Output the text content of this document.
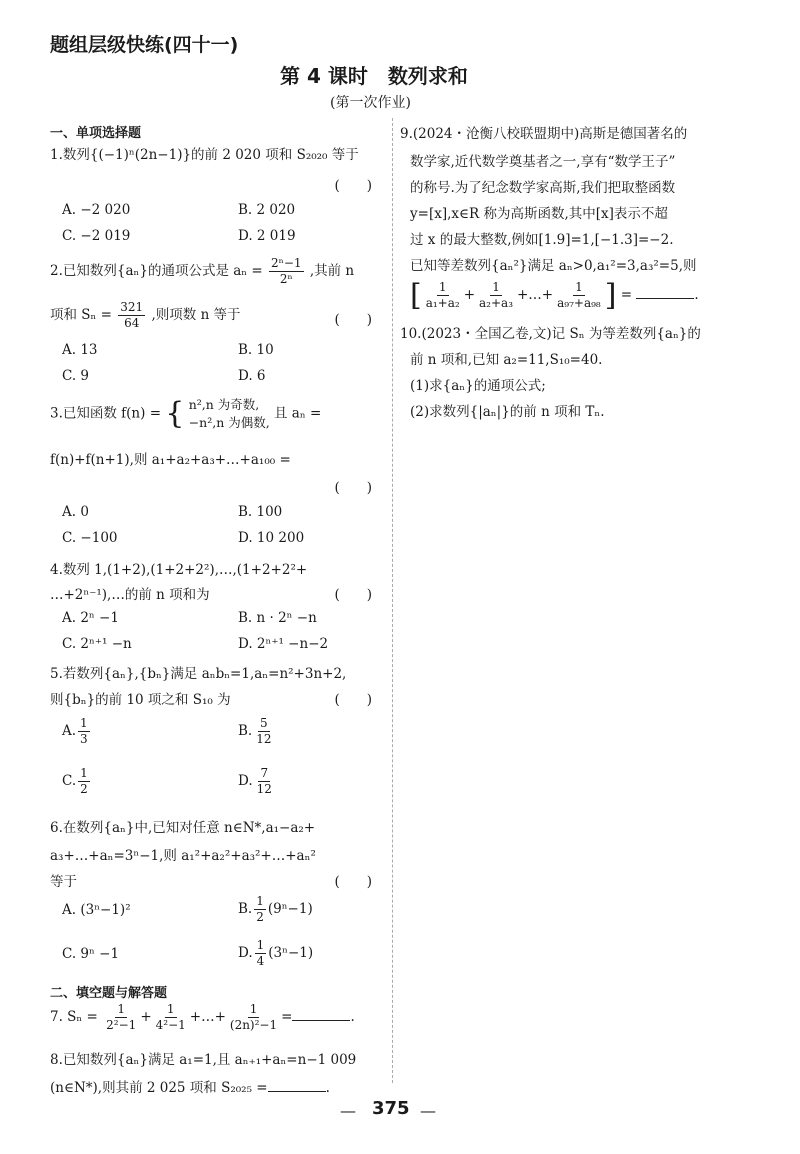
题组层级快练(四十一)
第 4 课时　数列求和
(第一次作业)
一、单项选择题
1.数列{(−1)ⁿ(2n−1)}的前 2 020 项和 S₂₀₂₀ 等于
(　　)
A. −2 020	B. 2 020
C. −2 019	D. 2 019
2.已知数列{aₙ}的通项公式是 $a_n = \frac{\text{2ⁿ−1}}{\text{2ⁿ}}$ ,其前 n
项和 $S_n = \frac{321}{64}$ ,则项数 n 等于	(　　)
A. 13	B. 10
C. 9	D. 6
3.已知函数 f(n) = { n²,n 为奇数,
−n²,n 为偶数,
且 aₙ =
f(n)+f(n+1),则 a₁+a₂+a₃+…+a₁₀₀ =
(　　)
A. 0	B. 100
C. −100	D. 10 200
4.数列 1,(1+2),(1+2+2²),…,(1+2+2²+
…+2ⁿ⁻¹),…的前 n 项和为	(　　)
A. 2ⁿ −1	B. n · 2ⁿ −n
C. 2ⁿ⁺¹ −n	D. 2ⁿ⁺¹ −n−2
5.若数列{aₙ},{bₙ}满足 aₙbₙ=1,aₙ=n²+3n+2,
则{bₙ}的前 10 项之和 S₁₀ 为	(　　)
A. $\frac{1}{3}$	B. $\frac{5}{12}$
C. $\frac{1}{2}$	D. $\frac{7}{12}$
6.在数列{aₙ}中,已知对任意 n∈N*,a₁−a₂+
a₃+…+aₙ=3ⁿ−1,则 a₁²+a₂²+a₃²+…+aₙ²
等于	(　　)
A. (3ⁿ−1)²	B. $\frac{1}{2} (9^n-1)$
C. 9ⁿ −1	D. $\frac{1}{4} (3^n-1)$
二、填空题与解答题
7. $S_n = \frac{1}{\text{2²−1}} + \frac{1}{\text{4²−1}}$ +…+ $\frac{1}{\text{(2n)²−1}}$ =	.
8.已知数列{aₙ}满足 a₁=1,且 aₙ₊₁+aₙ=n−1 009
(n∈N*),则其前 2 025 项和 S₂₀₂₅ =	.
9.(2024・沧衡八校联盟期中)高斯是德国著名的
数学家,近代数学奠基者之一,享有“数学王子”
的称号.为了纪念数学家高斯,我们把取整函数
y=[x],x∈R 称为高斯函数,其中[x]表示不超
过 x 的最大整数,例如[1.9]=1,[−1.3]=−2.
已知等差数列{aₙ²}满足 aₙ>0,a₁²=3,a₃²=5,则
[ $\frac{1}{\text{a₁+a₂}} + \frac{1}{\text{a₂+a₃}}$ +…+ $\frac{1}{\text{a₉₇+a₉₈}}$ ] =	.
10.(2023・全国乙卷,文)记 Sₙ 为等差数列{aₙ}的
前 n 项和,已知 a₂=11,S₁₀=40.
(1)求{aₙ}的通项公式;
(2)求数列{|aₙ|}的前 n 项和 Tₙ.
— 375 —
